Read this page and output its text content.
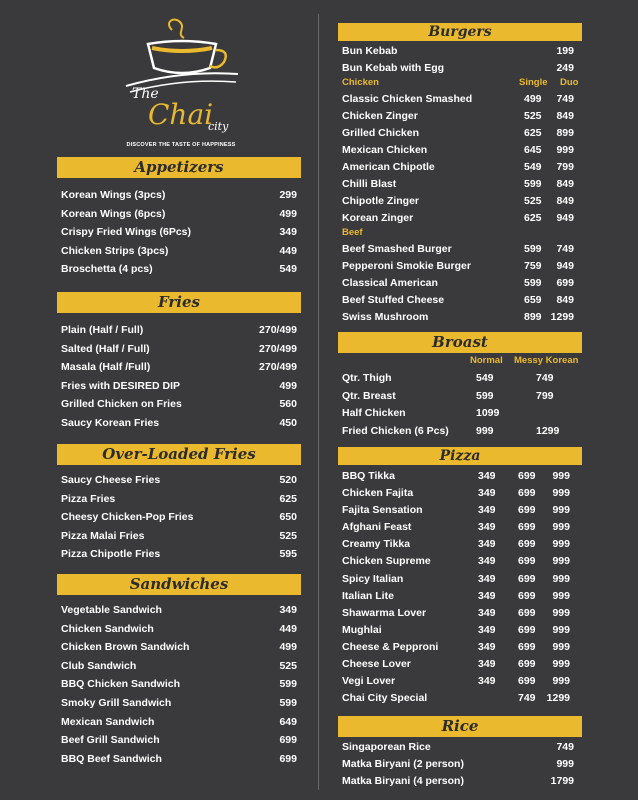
The
Chai
city
DISCOVER THE TASTE OF HAPPINESS
Appetizers
Korean Wings (3pcs)	299
Korean Wings (6pcs)	499
Crispy Fried Wings (6Pcs)	349
Chicken Strips (3pcs)	449
Broschetta (4 pcs)	549
Fries
Plain (Half / Full)	270/499
Salted (Half / Full)	270/499
Masala (Half /Full)	270/499
Fries with DESIRED DIP	499
Grilled Chicken on Fries	560
Saucy Korean Fries	450
Over-Loaded Fries
Saucy Cheese Fries	520
Pizza Fries	625
Cheesy Chicken-Pop Fries	650
Pizza Malai Fries	525
Pizza Chipotle Fries	595
Sandwiches
Vegetable Sandwich	349
Chicken Sandwich	449
Chicken Brown Sandwich	499
Club Sandwich	525
BBQ Chicken Sandwich	599
Smoky Grill Sandwich	599
Mexican Sandwich	649
Beef Grill Sandwich	699
BBQ Beef Sandwich	699
Burgers
Bun Kebab	199
Bun Kebab with Egg	249
Chicken	Single Duo
Classic Chicken Smashed	499 749
Chicken Zinger	525 849
Grilled Chicken	625 899
Mexican Chicken	645 999
American Chipotle	549 799
Chilli Blast	599 849
Chipotle Zinger	525 849
Korean Zinger	625 949
Beef
Beef Smashed Burger	599 749
Pepperoni Smokie Burger	759 949
Classical American	599 699
Beef Stuffed Cheese	659 849
Swiss Mushroom	899 1299
Broast
Normal Messy Korean
Qtr. Thigh	549	749
Qtr. Breast	599	799
Half Chicken	1099
Fried Chicken (6 Pcs)	999	1299
Pizza
BBQ Tikka	349 699 999
Chicken Fajita	349 699 999
Fajita Sensation	349 699 999
Afghani Feast	349 699 999
Creamy Tikka	349 699 999
Chicken Supreme	349 699 999
Spicy Italian	349 699 999
Italian Lite	349 699 999
Shawarma Lover	349 699 999
Mughlai	349 699 999
Cheese & Pepproni	349 699 999
Cheese Lover	349 699 999
Vegi Lover	349 699 999
Chai City Special	749 1299
Rice
Singaporean Rice	749
Matka Biryani (2 person)	999
Matka Biryani (4 person)	1799
